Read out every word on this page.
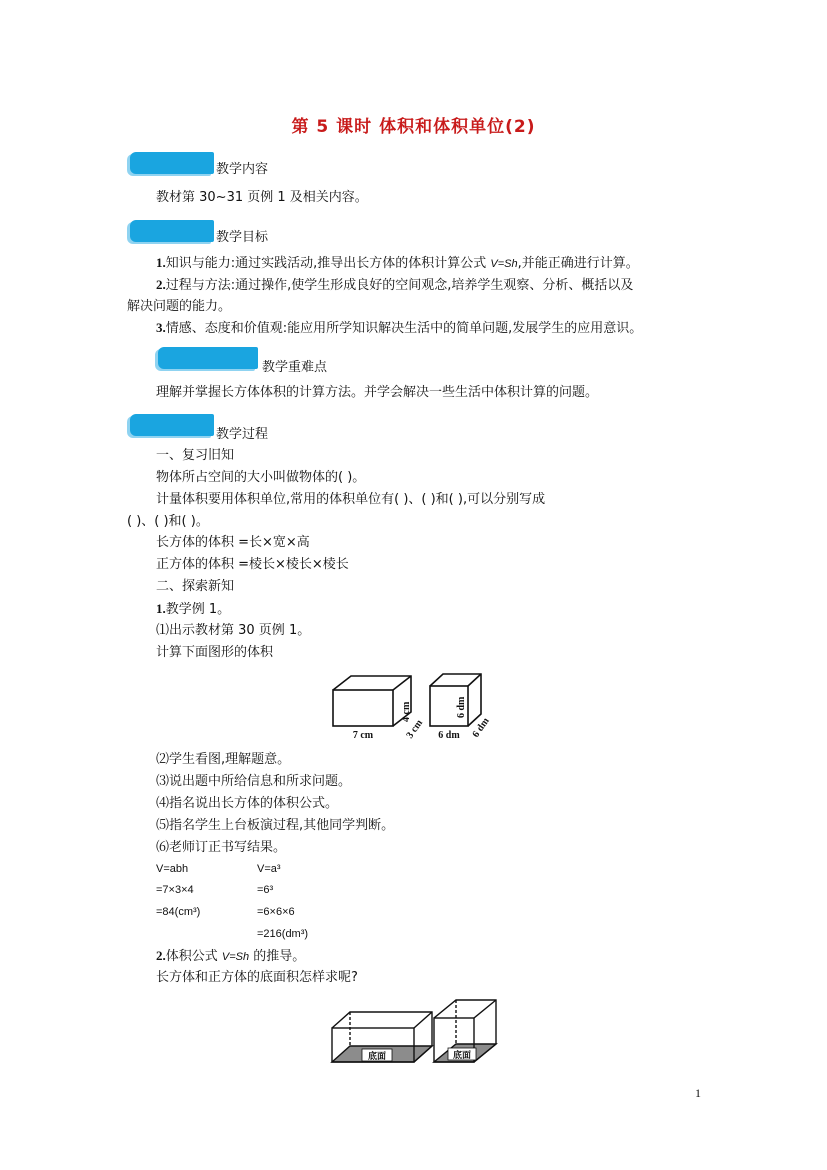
第 5 课时 体积和体积单位(2)
教学内容
教材第 30~31 页例 1 及相关内容。
教学目标
1.知识与能力:通过实践活动,推导出长方体的体积计算公式 V=Sh,并能正确进行计算。
2.过程与方法:通过操作,使学生形成良好的空间观念,培养学生观察、分析、概括以及
解决问题的能力。
3.情感、态度和价值观:能应用所学知识解决生活中的简单问题,发展学生的应用意识。
教学重难点
理解并掌握长方体体积的计算方法。并学会解决一些生活中体积计算的问题。
教学过程
一、复习旧知
物体所占空间的大小叫做物体的( )。
计量体积要用体积单位,常用的体积单位有( )、( )和( ),可以分别写成
( )、( )和( )。
长方体的体积 =长×宽×高
正方体的体积 =棱长×棱长×棱长
二、探索新知
1.教学例 1。
⑴出示教材第 30 页例 1。
计算下面图形的体积
7 cm
4 cm
3 cm 6 dm
6 dm
6 dm
⑵学生看图,理解题意。
⑶说出题中所给信息和所求问题。
⑷指名说出长方体的体积公式。
⑸指名学生上台板演过程,其他同学判断。
⑹老师订正书写结果。
V=abh
=7×3×4
=84(cm³)
V=a³
=6³
=6×6×6
=216(dm³)
2.体积公式 V=Sh 的推导。
长方体和正方体的底面积怎样求呢?
底面	底面
1
